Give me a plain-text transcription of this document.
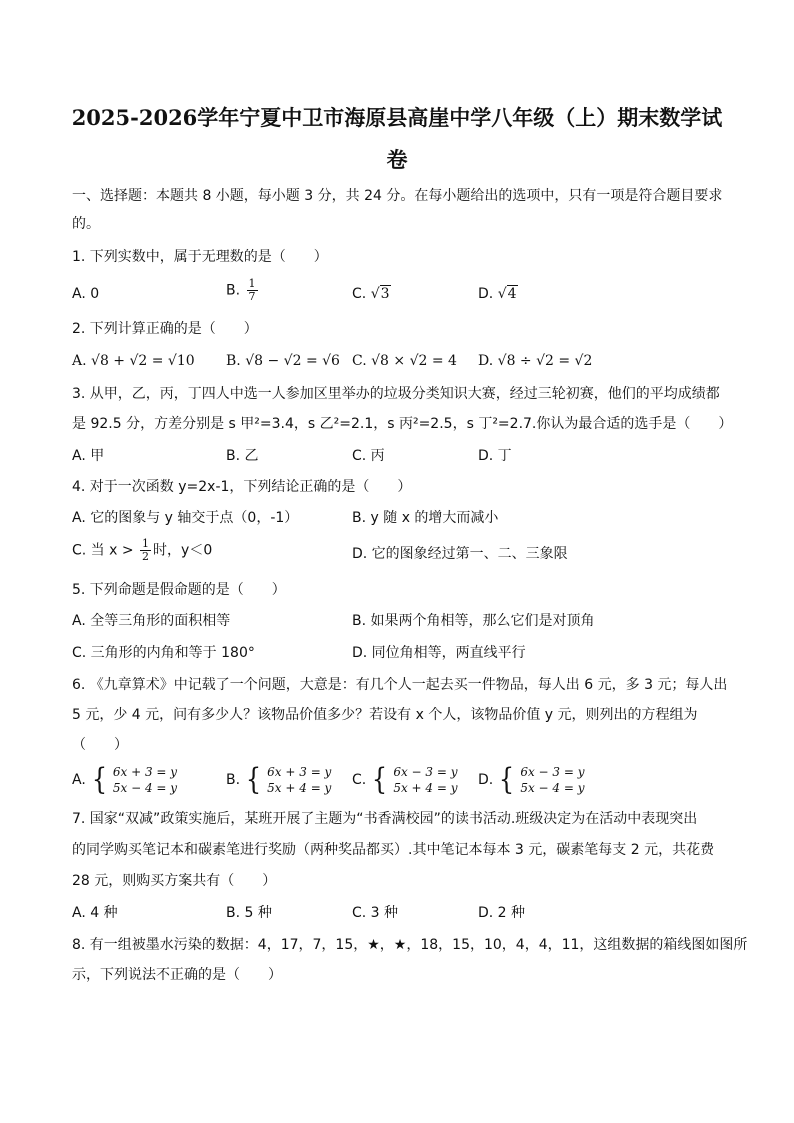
2025-2026学年宁夏中卫市海原县高崖中学八年级（上）期末数学试
卷
一、选择题：本题共 8 小题，每小题 3 分，共 24 分。在每小题给出的选项中，只有一项是符合题目要求
的。
1. 下列实数中，属于无理数的是（　　）
A. 0	B. $\frac{1}{7}$	C. √3	D. √4
2. 下列计算正确的是（　　）
A. √8 + √2 = √10 B. √8 − √2 = √6 C. √8 × √2 = 4 D. √8 ÷ √2 = √2
3. 从甲，乙，丙，丁四人中选一人参加区里举办的垃圾分类知识大赛，经过三轮初赛，他们的平均成绩都
是 92.5 分，方差分别是 s 甲²=3.4，s 乙²=2.1，s 丙²=2.5，s 丁²=2.7.你认为最合适的选手是（　　）
A. 甲	B. 乙	C. 丙	D. 丁
4. 对于一次函数 y=2x-1，下列结论正确的是（　　）
A. 它的图象与 y 轴交于点（0，-1）	B. y 随 x 的增大而减小
C. 当 $x > \frac{1}{2}$ 时，y＜0	D. 它的图象经过第一、二、三象限
5. 下列命题是假命题的是（　　）
A. 全等三角形的面积相等	B. 如果两个角相等，那么它们是对顶角
C. 三角形的内角和等于 180°	D. 同位角相等，两直线平行
6. 《九章算术》中记载了一个问题，大意是：有几个人一起去买一件物品，每人出 6 元，多 3 元；每人出
5 元，少 4 元，问有多少人？该物品价值多少？若设有 x 个人，该物品价值 y 元，则列出的方程组为
（　　）
A. { 6x + 3 = y
5x − 4 = y	B. { 6x + 3 = y
5x + 4 = y C. { 6x − 3 = y
5x + 4 = y D. { 6x − 3 = y
5x − 4 = y
7. 国家“双减”政策实施后，某班开展了主题为“书香满校园”的读书活动.班级决定为在活动中表现突出
的同学购买笔记本和碳素笔进行奖励（两种奖品都买）.其中笔记本每本 3 元，碳素笔每支 2 元，共花费
28 元，则购买方案共有（　　）
A. 4 种	B. 5 种	C. 3 种	D. 2 种
8. 有一组被墨水污染的数据：4，17，7，15，★，★，18，15，10，4，4，11，这组数据的箱线图如图所
示，下列说法不正确的是（　　）
